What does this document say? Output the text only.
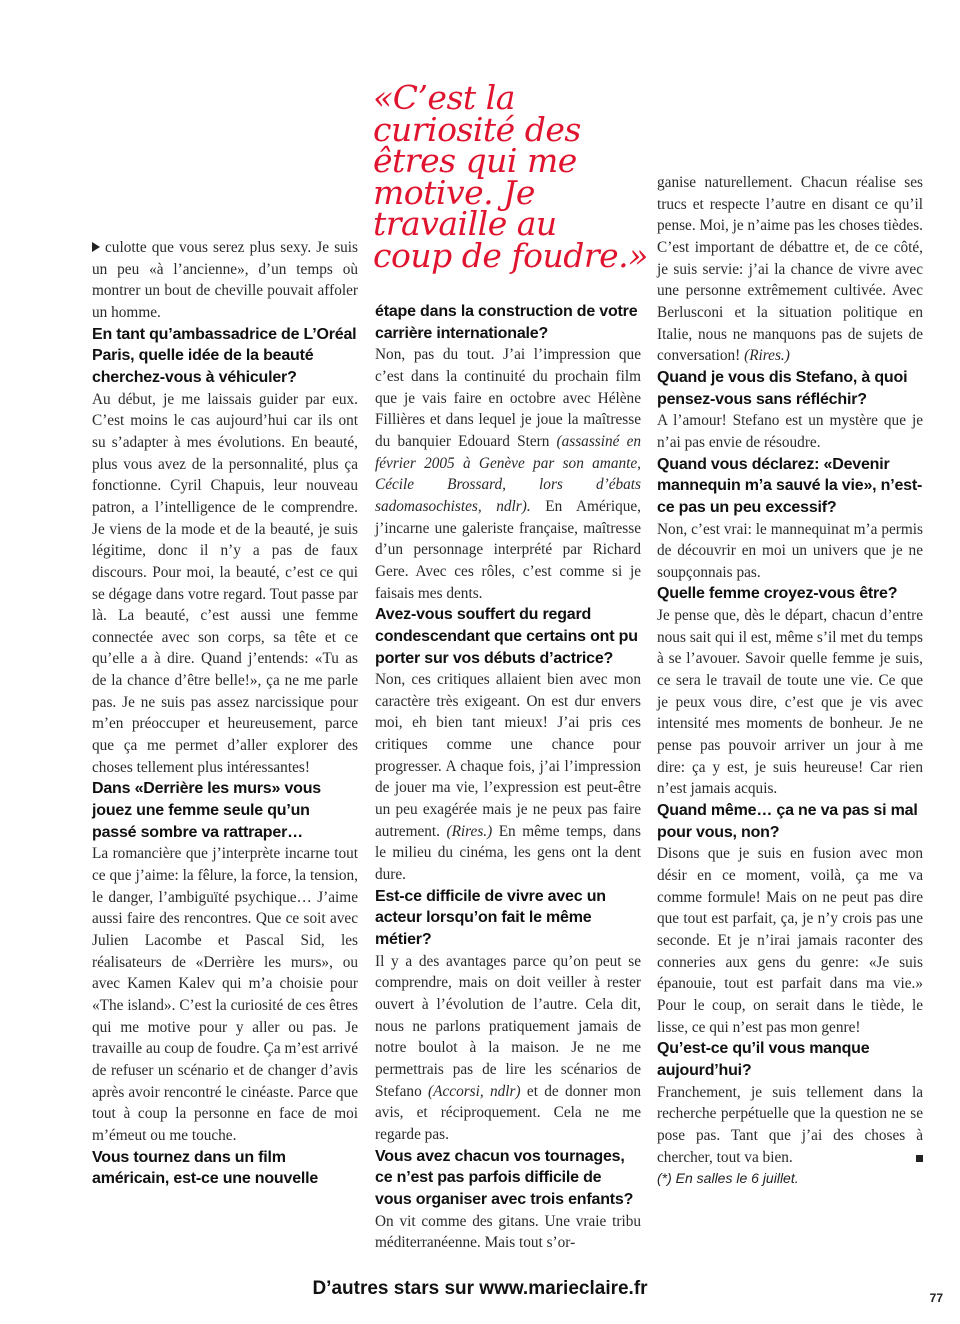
«C’est la
curiosité des
êtres qui me
motive. Je
travaille au
coup de foudre.»

culotte que vous serez plus sexy. Je suis un peu «à l’ancienne», d’un temps où montrer un bout de cheville pouvait affoler un homme.

En tant qu’ambassadrice de L’Oréal Paris, quelle idée de la beauté cherchez-vous à véhiculer?

Au début, je me laissais guider par eux. C’est moins le cas aujourd’hui car ils ont su s’adapter à mes évolutions. En beauté, plus vous avez de la personnalité, plus ça fonctionne. Cyril Chapuis, leur nouveau patron, a l’intelligence de le comprendre. Je viens de la mode et de la beauté, je suis légitime, donc il n’y a pas de faux discours. Pour moi, la beauté, c’est ce qui se dégage dans votre regard. Tout passe par là. La beauté, c’est aussi une femme connectée avec son corps, sa tête et ce qu’elle a à dire. Quand j’entends: «Tu as de la chance d’être belle!», ça ne me parle pas. Je ne suis pas assez narcissique pour m’en préoccuper et heureusement, parce que ça me permet d’aller explorer des choses tellement plus intéressantes!

Dans «Derrière les murs» vous jouez une femme seule qu’un passé sombre va rattraper…

La romancière que j’interprète incarne tout ce que j’aime: la fêlure, la force, la tension, le danger, l’ambiguïté psychique… J’aime aussi faire des rencontres. Que ce soit avec Julien Lacombe et Pascal Sid, les réalisateurs de «Derrière les murs», ou avec Kamen Kalev qui m’a choisie pour «The island». C’est la curiosité de ces êtres qui me motive pour y aller ou pas. Je travaille au coup de foudre. Ça m’est arrivé de refuser un scénario et de changer d’avis après avoir rencontré le cinéaste. Parce que tout à coup la personne en face de moi m’émeut ou me touche.

Vous tournez dans un film américain, est-ce une nouvelle

étape dans la construction de votre carrière internationale?

Non, pas du tout. J’ai l’impression que c’est dans la continuité du prochain film que je vais faire en octobre avec Hélène Fillières et dans lequel je joue la maîtresse du banquier Edouard Stern (assassiné en février 2005 à Genève par son amante, Cécile Brossard, lors d’ébats sadomasochistes, ndlr). En Amérique, j’incarne une galeriste française, maîtresse d’un personnage interprété par Richard Gere. Avec ces rôles, c’est comme si je faisais mes dents.

Avez-vous souffert du regard condescendant que certains ont pu porter sur vos débuts d’actrice?

Non, ces critiques allaient bien avec mon caractère très exigeant. On est dur envers moi, eh bien tant mieux! J’ai pris ces critiques comme une chance pour progresser. A chaque fois, j’ai l’impression de jouer ma vie, l’expression est peut-être un peu exagérée mais je ne peux pas faire autrement. (Rires.) En même temps, dans le milieu du cinéma, les gens ont la dent dure.

Est-ce difficile de vivre avec un acteur lorsqu’on fait le même métier?

Il y a des avantages parce qu’on peut se comprendre, mais on doit veiller à rester ouvert à l’évolution de l’autre. Cela dit, nous ne parlons pratiquement jamais de notre boulot à la maison. Je ne me permettrais pas de lire les scénarios de Stefano (Accorsi, ndlr) et de donner mon avis, et réciproquement. Cela ne me regarde pas.

Vous avez chacun vos tournages, ce n’est pas parfois difficile de vous organiser avec trois enfants?

On vit comme des gitans. Une vraie tribu méditerranéenne. Mais tout s’or-

ganise naturellement. Chacun réalise ses trucs et respecte l’autre en disant ce qu’il pense. Moi, je n’aime pas les choses tièdes. C’est important de débattre et, de ce côté, je suis servie: j’ai la chance de vivre avec une personne extrêmement cultivée. Avec Berlusconi et la situation politique en Italie, nous ne manquons pas de sujets de conversation! (Rires.)

Quand je vous dis Stefano, à quoi pensez-vous sans réfléchir?

A l’amour! Stefano est un mystère que je n’ai pas envie de résoudre.

Quand vous déclarez: «Devenir mannequin m’a sauvé la vie», n’est-ce pas un peu excessif?

Non, c’est vrai: le mannequinat m’a permis de découvrir en moi un univers que je ne soupçonnais pas.

Quelle femme croyez-vous être?

Je pense que, dès le départ, chacun d’entre nous sait qui il est, même s’il met du temps à se l’avouer. Savoir quelle femme je suis, ce sera le travail de toute une vie. Ce que je peux vous dire, c’est que je vis avec intensité mes moments de bonheur. Je ne pense pas pouvoir arriver un jour à me dire: ça y est, je suis heureuse! Car rien n’est jamais acquis.

Quand même… ça ne va pas si mal pour vous, non?

Disons que je suis en fusion avec mon désir en ce moment, voilà, ça me va comme formule! Mais on ne peut pas dire que tout est parfait, ça, je n’y crois pas une seconde. Et je n’irai jamais raconter des conneries aux gens du genre: «Je suis épanouie, tout est parfait dans ma vie.» Pour le coup, on serait dans le tiède, le lisse, ce qui n’est pas mon genre!

Qu’est-ce qu’il vous manque aujourd’hui?

Franchement, je suis tellement dans la recherche perpétuelle que la question ne se pose pas. Tant que j’ai des choses à chercher, tout va bien.

(*) En salles le 6 juillet.

D’autres stars sur www.marieclaire.fr	77
